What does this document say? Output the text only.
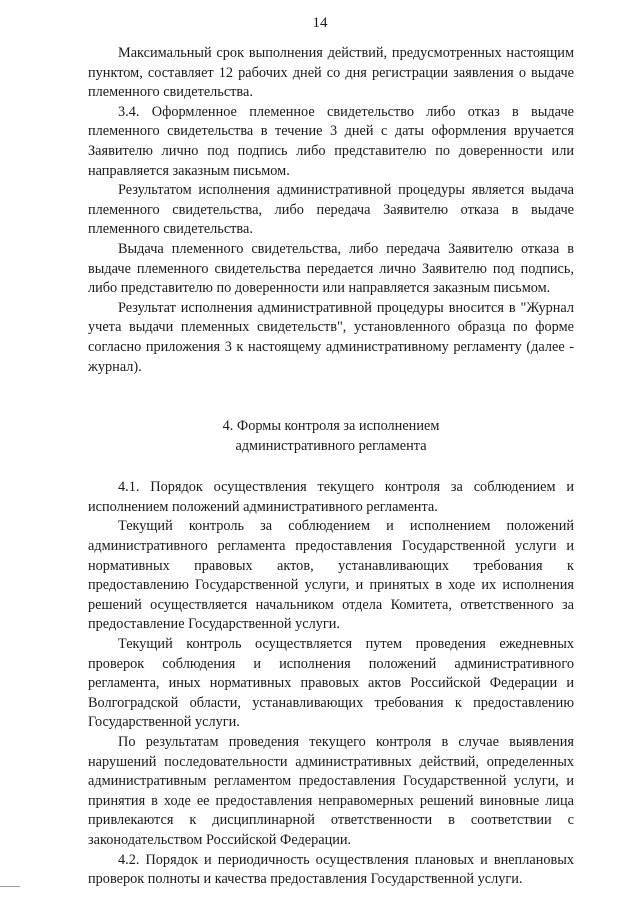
14

Максимальный срок выполнения действий, предусмотренных настоящим пунктом, составляет 12 рабочих дней со дня регистрации заявления о выдаче племенного свидетельства.

3.4. Оформленное племенное свидетельство либо отказ в выдаче племенного свидетельства в течение 3 дней с даты оформления вручается Заявителю лично под подпись либо представителю по доверенности или направляется заказным письмом.

Результатом исполнения административной процедуры является выдача племенного свидетельства, либо передача Заявителю отказа в выдаче племенного свидетельства.

Выдача племенного свидетельства, либо передача Заявителю отказа в выдаче племенного свидетельства передается лично Заявителю под подпись, либо представителю по доверенности или направляется заказным письмом.

Результат исполнения административной процедуры вносится в "Журнал учета выдачи племенных свидетельств", установленного образца по форме согласно приложения 3 к настоящему административному регламенту (далее - журнал).

4. Формы контроля за исполнением
административного регламента

4.1. Порядок осуществления текущего контроля за соблюдением и исполнением положений административного регламента.

Текущий контроль за соблюдением и исполнением положений административного регламента предоставления Государственной услуги и нормативных правовых актов, устанавливающих требования к предоставлению Государственной услуги, и принятых в ходе их исполнения решений осуществляется начальником отдела Комитета, ответственного за предоставление Государственной услуги.

Текущий контроль осуществляется путем проведения ежедневных проверок соблюдения и исполнения положений административного регламента, иных нормативных правовых актов Российской Федерации и Волгоградской области, устанавливающих требования к предоставлению Государственной услуги.

По результатам проведения текущего контроля в случае выявления нарушений последовательности административных действий, определенных административным регламентом предоставления Государственной услуги, и принятия в ходе ее предоставления неправомерных решений виновные лица привлекаются к дисциплинарной ответственности в соответствии с законодательством Российской Федерации.

4.2. Порядок и периодичность осуществления плановых и внеплановых проверок полноты и качества предоставления Государственной услуги.
